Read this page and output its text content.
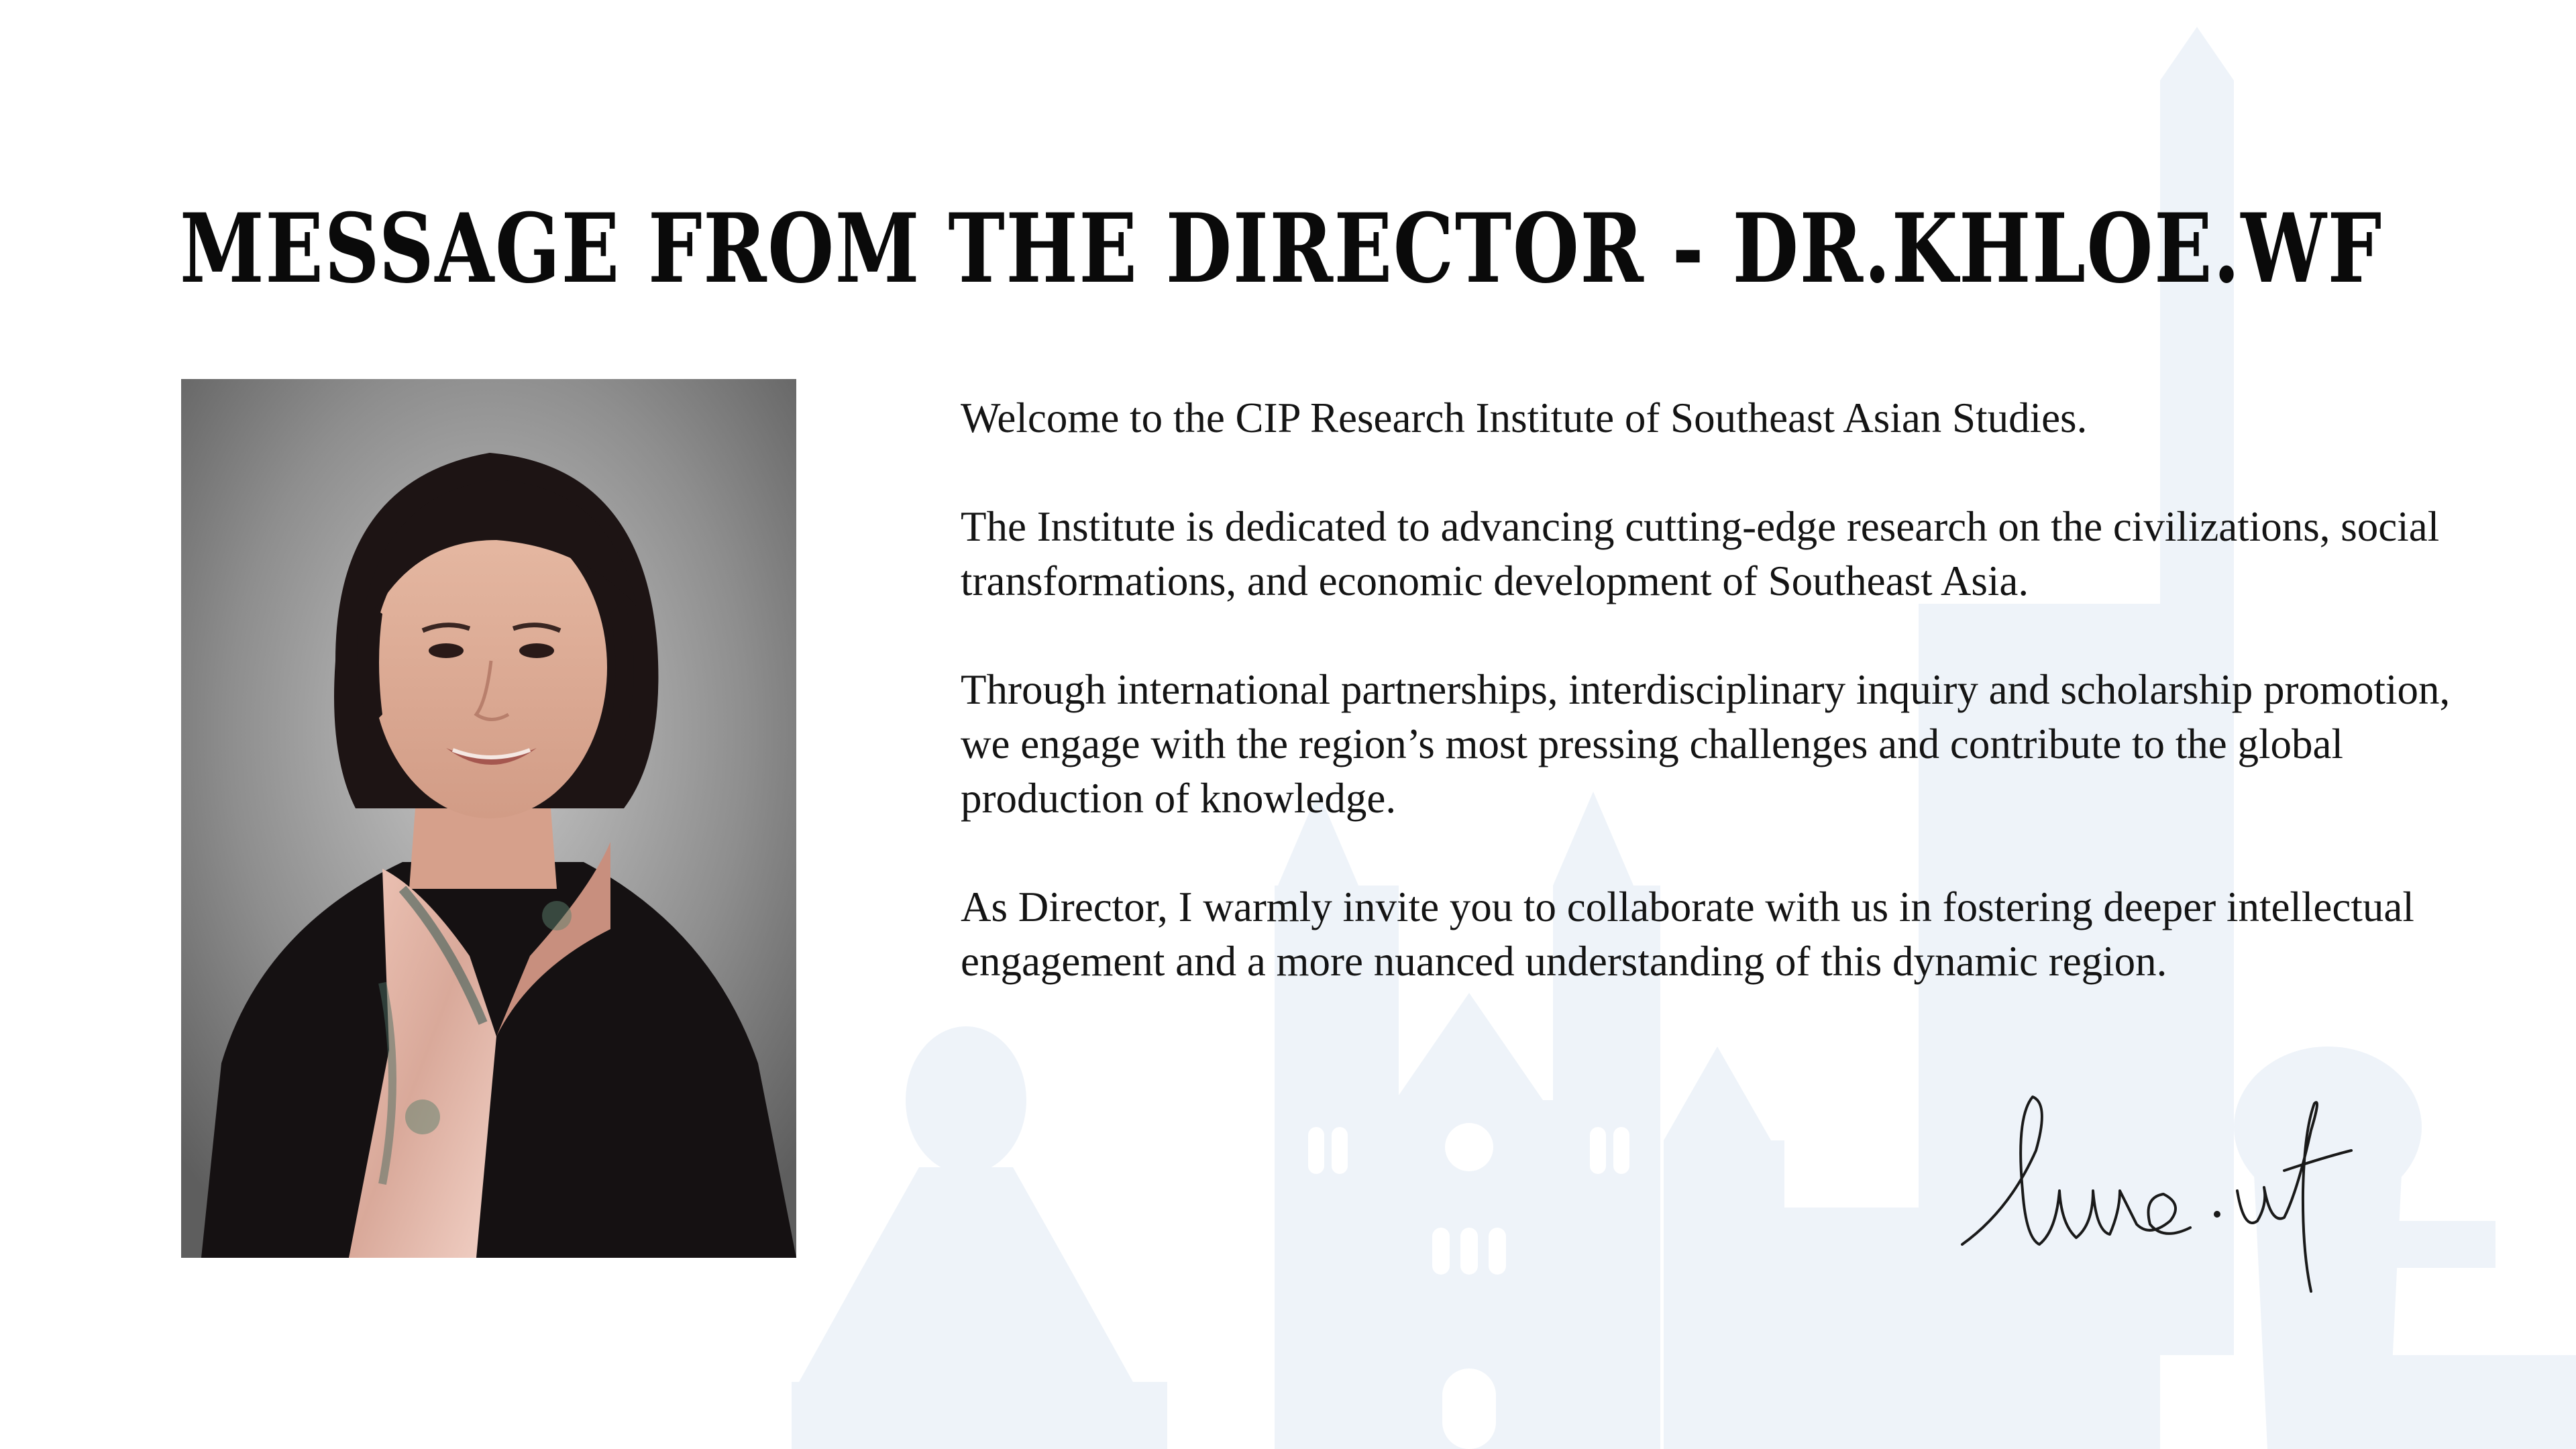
MESSAGE FROM THE DIRECTOR - DR.KHLOE.WF

Welcome to the CIP Research Institute of Southeast Asian Studies.

The Institute is dedicated to advancing cutting-edge research on the civilizations, social transformations, and economic development of Southeast Asia.

Through international partnerships, interdisciplinary inquiry and scholarship promotion, we engage with the region’s most pressing challenges and contribute to the global production of knowledge.

As Director, I warmly invite you to collaborate with us in fostering deeper intellectual engagement and a more nuanced understanding of this dynamic region.
